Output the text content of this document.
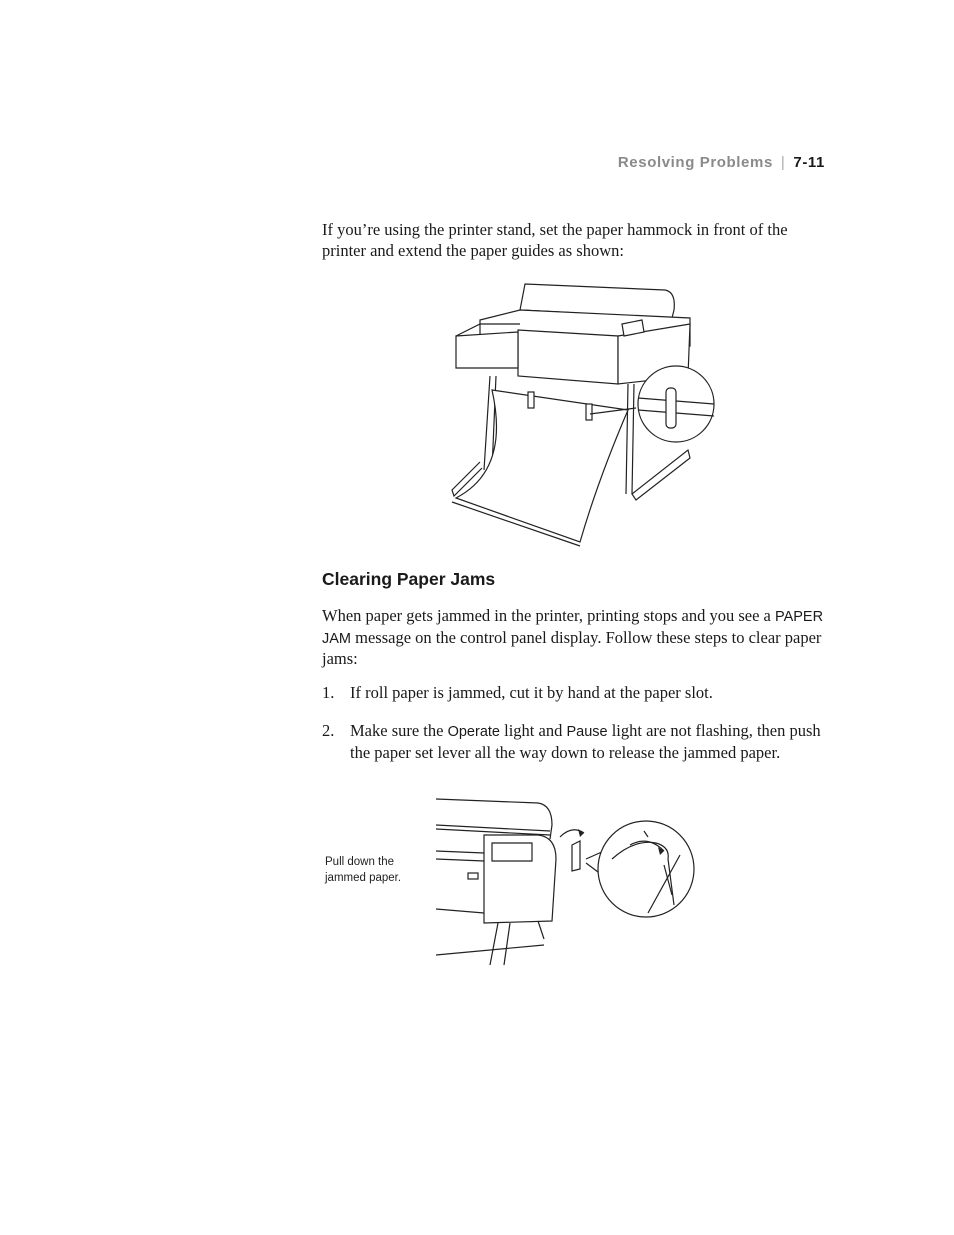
Resolving Problems | 7-11

If you’re using the printer stand, set the paper hammock in front of the printer and extend the paper guides as shown:

Clearing Paper Jams

When paper gets jammed in the printer, printing stops and you see a PAPER JAM message on the control panel display. Follow these steps to clear paper jams:

1. If roll paper is jammed, cut it by hand at the paper slot.
2. Make sure the Operate light and Pause light are not flashing, then push the paper set lever all the way down to release the jammed paper.
Pull down the jammed paper.
